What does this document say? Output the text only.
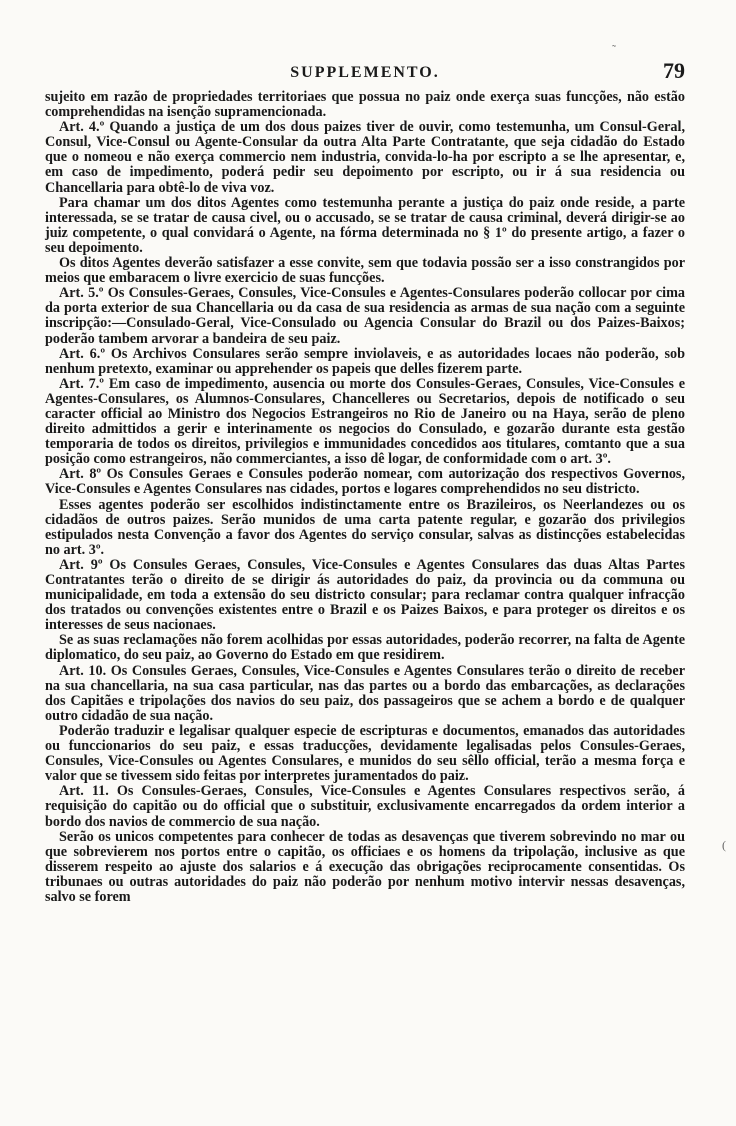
SUPPLEMENTO.	79

sujeito em razão de propriedades territoriaes que possua no paiz onde exerça suas funcções, não estão comprehendidas na isenção supramencionada.

Art. 4.º Quando a justiça de um dos dous paizes tiver de ouvir, como testemunha, um Consul-Geral, Consul, Vice-Consul ou Agente-Consular da outra Alta Parte Contratante, que seja cidadão do Estado que o nomeou e não exerça commercio nem industria, convida-lo-ha por escripto a se lhe apresentar, e, em caso de impedimento, poderá pedir seu depoimento por escripto, ou ir á sua residencia ou Chancellaria para obtê-lo de viva voz.

Para chamar um dos ditos Agentes como testemunha perante a justiça do paiz onde reside, a parte interessada, se se tratar de causa civel, ou o accusado, se se tratar de causa criminal, deverá dirigir-se ao juiz competente, o qual convidará o Agente, na fórma determinada no § 1º do presente artigo, a fazer o seu depoimento.

Os ditos Agentes deverão satisfazer a esse convite, sem que todavia possão ser a isso constrangidos por meios que embaracem o livre exercicio de suas funcções.

Art. 5.º Os Consules-Geraes, Consules, Vice-Consules e Agentes-Consulares poderão collocar por cima da porta exterior de sua Chancellaria ou da casa de sua residencia as armas de sua nação com a seguinte inscripção:—Consulado-Geral, Vice-Consulado ou Agencia Consular do Brazil ou dos Paizes-Baixos; poderão tambem arvorar a bandeira de seu paiz.

Art. 6.º Os Archivos Consulares serão sempre inviolaveis, e as autoridades locaes não poderão, sob nenhum pretexto, examinar ou apprehender os papeis que delles fizerem parte.

Art. 7.º Em caso de impedimento, ausencia ou morte dos Consules-Geraes, Consules, Vice-Consules e Agentes-Consulares, os Alumnos-Consulares, Chancelleres ou Secretarios, depois de notificado o seu caracter official ao Ministro dos Negocios Estrangeiros no Rio de Janeiro ou na Haya, serão de pleno direito admittidos a gerir e interinamente os negocios do Consulado, e gozarão durante esta gestão temporaria de todos os direitos, privilegios e immunidades concedidos aos titulares, comtanto que a sua posição como estrangeiros, não commerciantes, a isso dê logar, de conformidade com o art. 3º.

Art. 8º Os Consules Geraes e Consules poderão nomear, com autorização dos respectivos Governos, Vice-Consules e Agentes Consulares nas cidades, portos e logares comprehendidos no seu districto.

Esses agentes poderão ser escolhidos indistinctamente entre os Brazileiros, os Neerlandezes ou os cidadãos de outros paizes. Serão munidos de uma carta patente regular, e gozarão dos privilegios estipulados nesta Convenção a favor dos Agentes do serviço consular, salvas as distincções estabelecidas no art. 3º.

Art. 9º Os Consules Geraes, Consules, Vice-Consules e Agentes Consulares das duas Altas Partes Contratantes terão o direito de se dirigir ás autoridades do paiz, da provincia ou da communa ou municipalidade, em toda a extensão do seu districto consular; para reclamar contra qualquer infracção dos tratados ou convenções existentes entre o Brazil e os Paizes Baixos, e para proteger os direitos e os interesses de seus nacionaes.

Se as suas reclamações não forem acolhidas por essas autoridades, poderão recorrer, na falta de Agente diplomatico, do seu paiz, ao Governo do Estado em que residirem.

Art. 10. Os Consules Geraes, Consules, Vice-Consules e Agentes Consulares terão o direito de receber na sua chancellaria, na sua casa particular, nas das partes ou a bordo das embarcações, as declarações dos Capitães e tripolações dos navios do seu paiz, dos passageiros que se achem a bordo e de qualquer outro cidadão de sua nação.

Poderão traduzir e legalisar qualquer especie de escripturas e documentos, emanados das autoridades ou funccionarios do seu paiz, e essas traducções, devidamente legalisadas pelos Consules-Geraes, Consules, Vice-Consules ou Agentes Consulares, e munidos do seu sêllo official, terão a mesma força e valor que se tivessem sido feitas por interpretes juramentados do paiz.

Art. 11. Os Consules-Geraes, Consules, Vice-Consules e Agentes Consulares respectivos serão, á requisição do capitão ou do official que o substituir, exclusivamente encarregados da ordem interior a bordo dos navios de commercio de sua nação.

Serão os unicos competentes para conhecer de todas as desavenças que tiverem sobrevindo no mar ou que sobrevierem nos portos entre o capitão, os officiaes e os homens da tripolação, inclusive as que disserem respeito ao ajuste dos salarios e á execução das obrigações reciprocamente consentidas. Os tribunaes ou outras autoridades do paiz não poderão por nenhum motivo intervir nessas desavenças, salvo se forem

˜
(
